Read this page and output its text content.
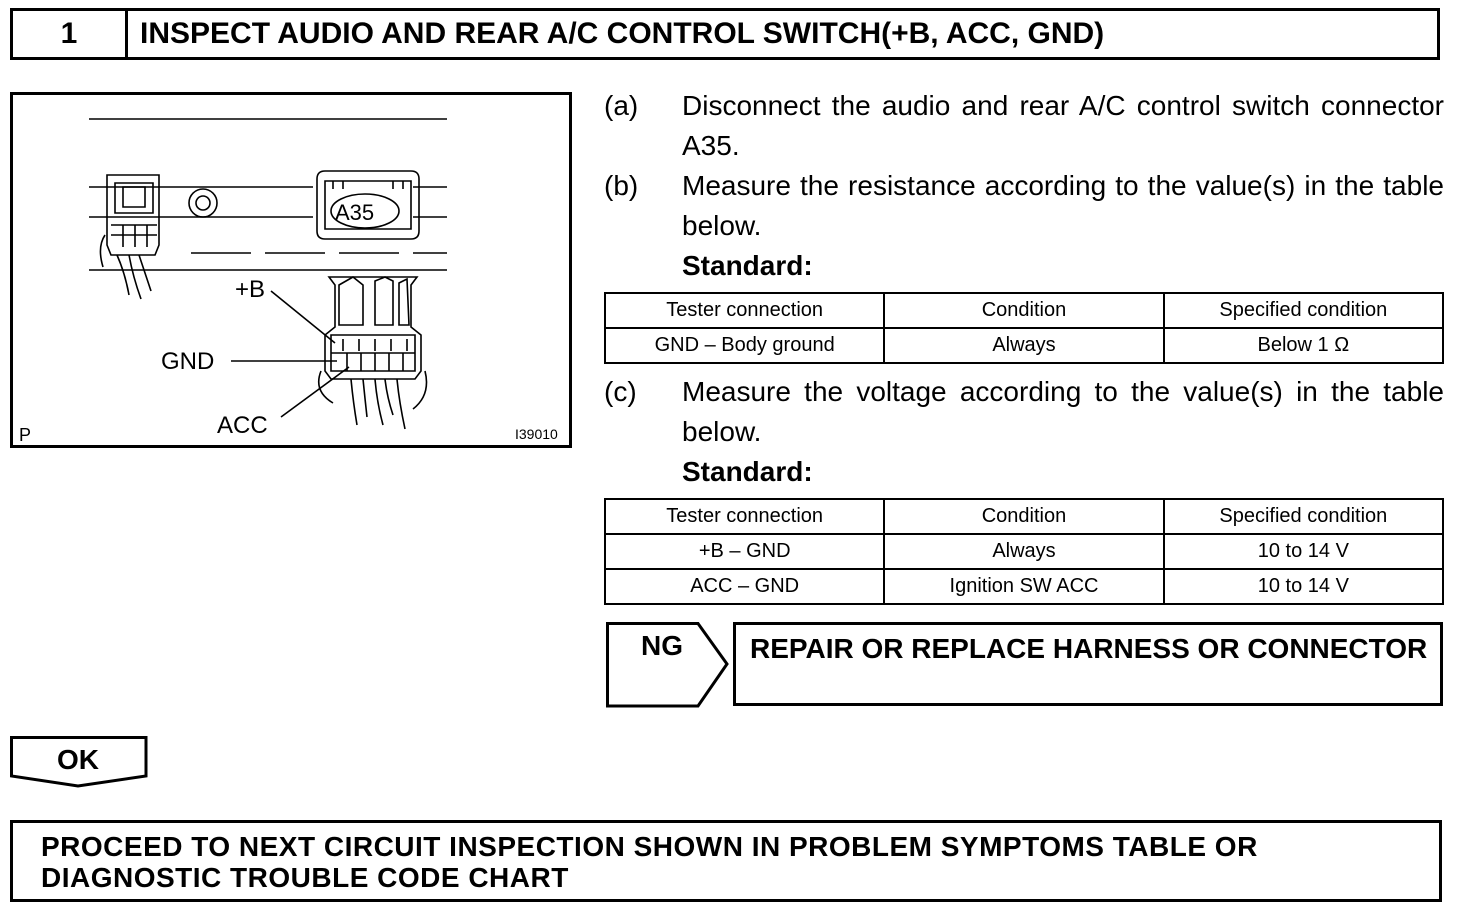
1	INSPECT AUDIO AND REAR A/C CONTROL SWITCH(+B, ACC, GND)
A35
+B
GND
ACC
P	I39010
(a) Disconnect the audio and rear A/C control switch connector A35.
(b) Measure the resistance according to the value(s) in the table below.
Standard:
Tester connection	Condition	Specified condition
GND – Body ground	Always	Below 1 Ω
(c) Measure the voltage according to the value(s) in the table below.
Standard:
Tester connection	Condition	Specified condition
+B – GND	Always	10 to 14 V
ACC – GND	Ignition SW ACC	10 to 14 V
NG	REPAIR OR REPLACE HARNESS OR CONNECTOR
OK
PROCEED TO NEXT CIRCUIT INSPECTION SHOWN IN PROBLEM SYMPTOMS TABLE OR DIAGNOSTIC TROUBLE CODE CHART
